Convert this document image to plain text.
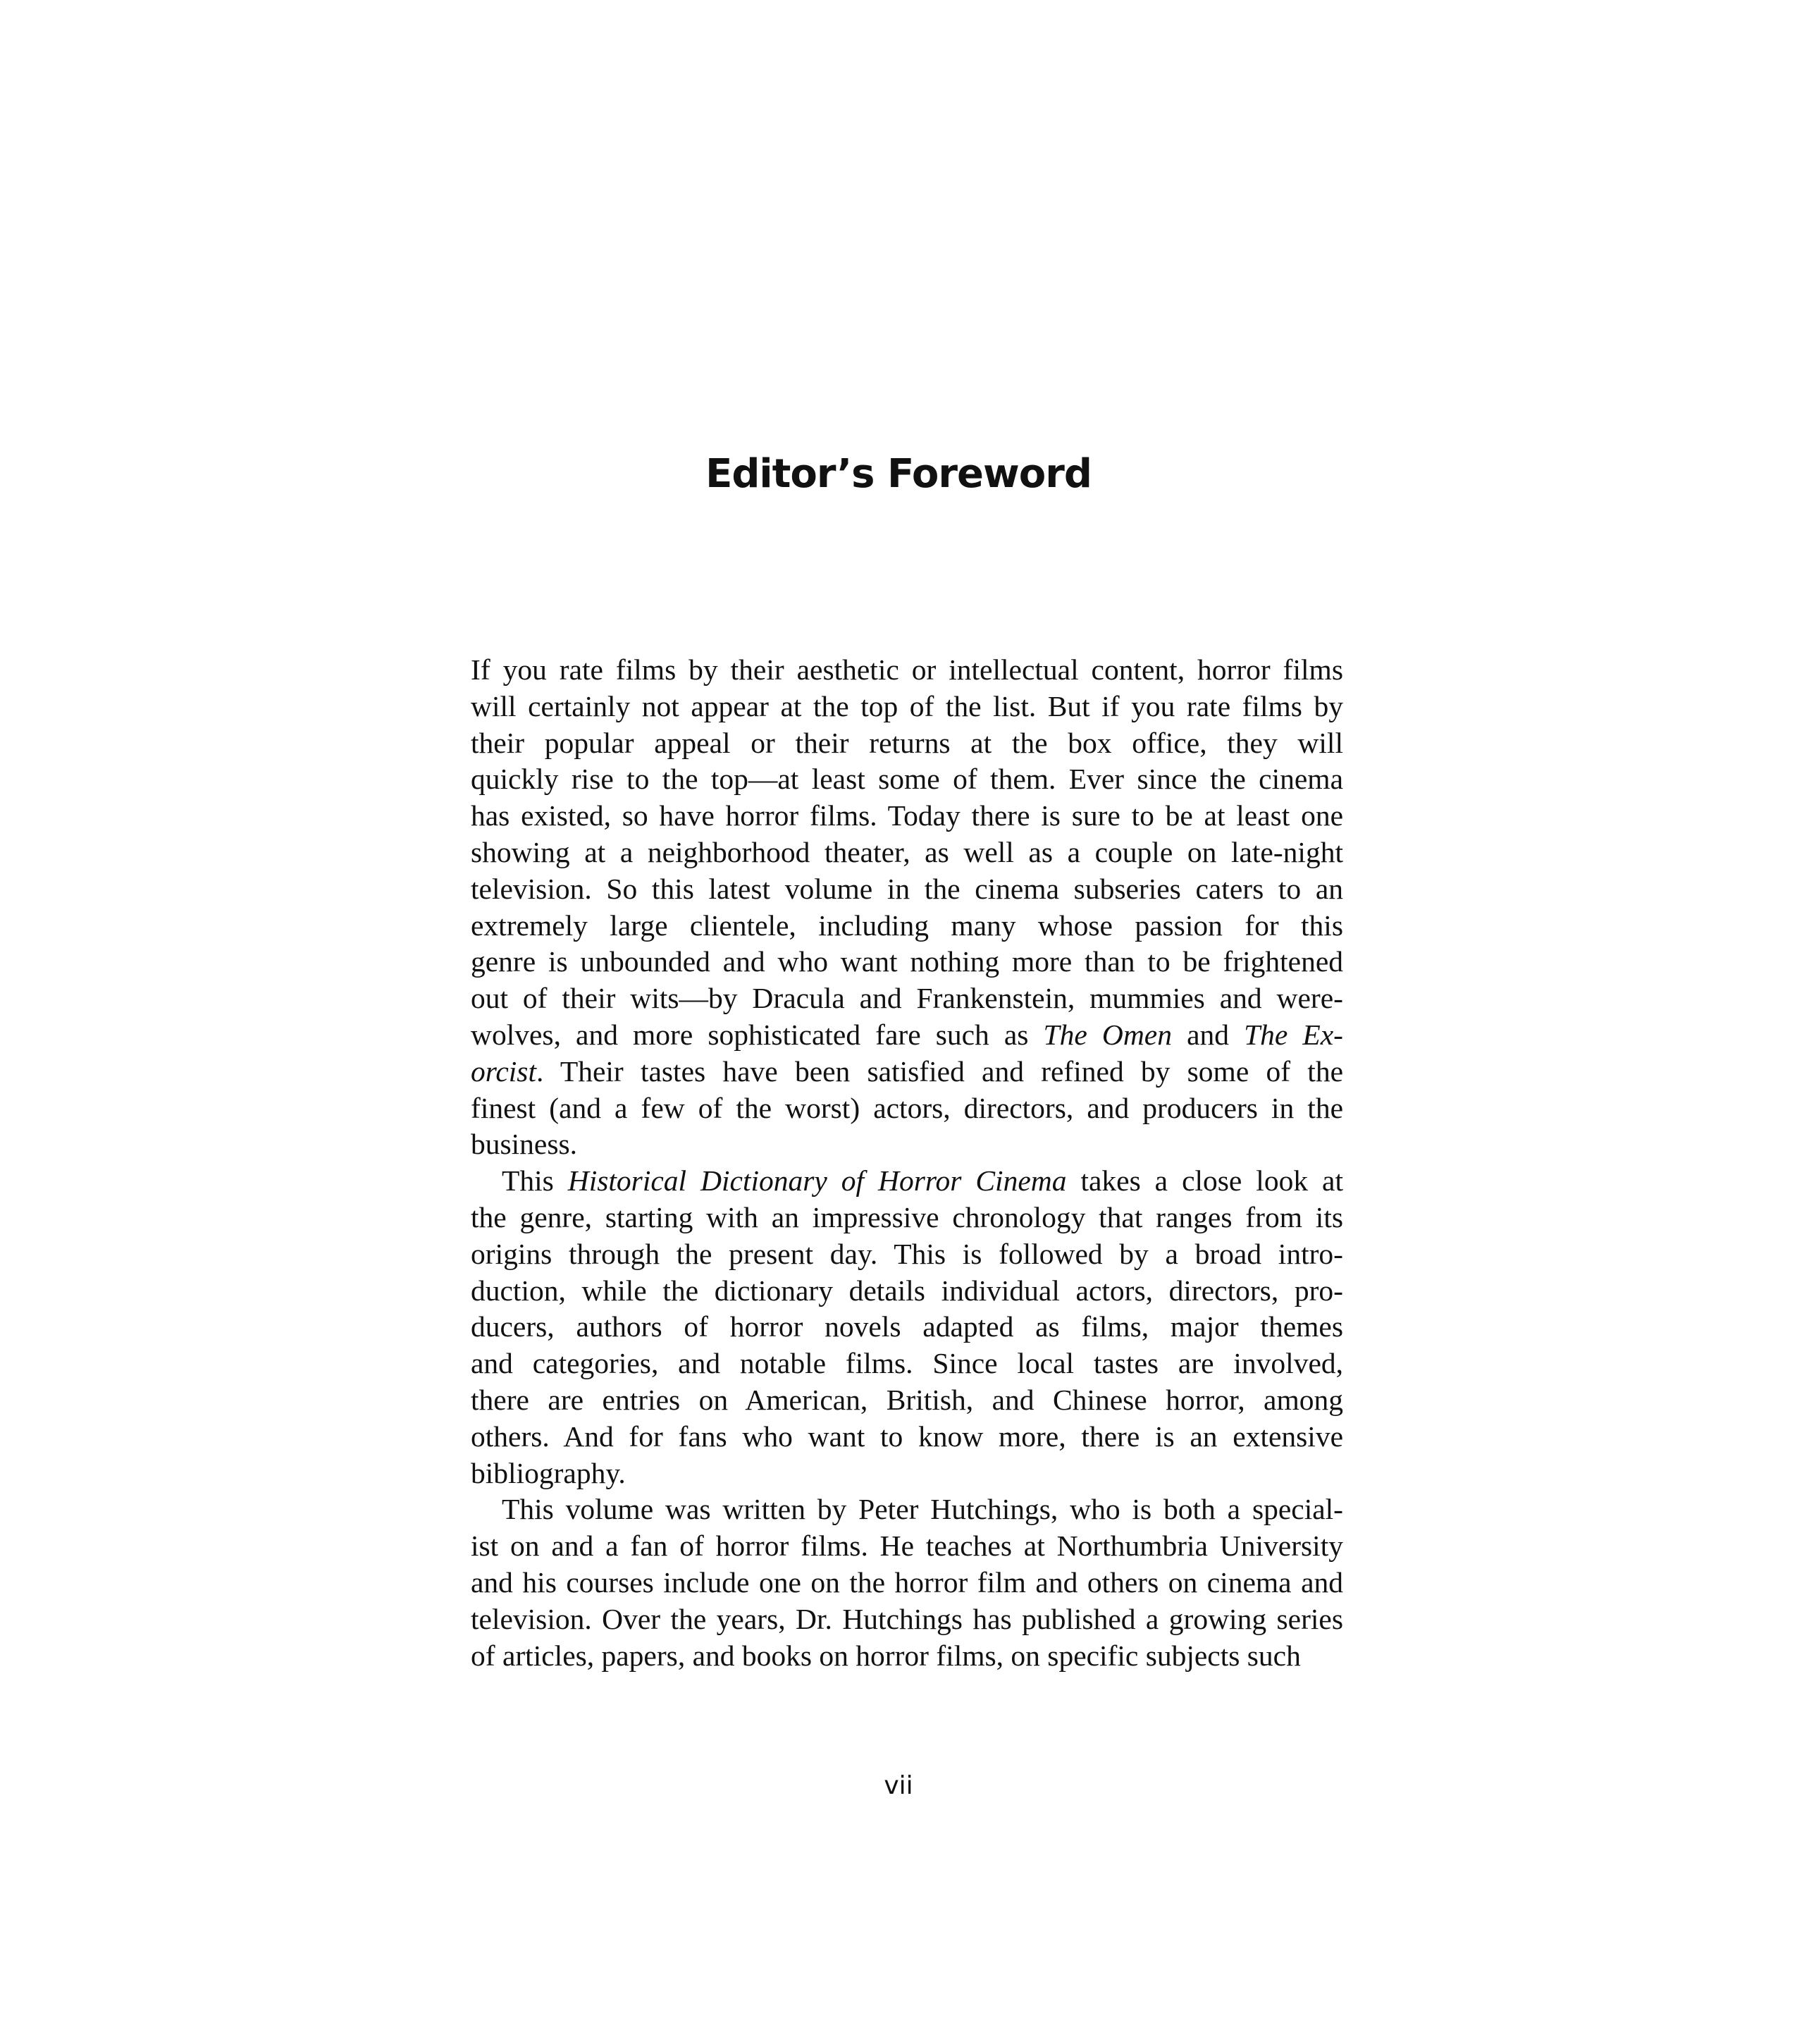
Editor’s Foreword
If you rate films by their aesthetic or intellectual content, horror films
will certainly not appear at the top of the list. But if you rate films by
their popular appeal or their returns at the box office, they will
quickly rise to the top—at least some of them. Ever since the cinema
has existed, so have horror films. Today there is sure to be at least one
showing at a neighborhood theater, as well as a couple on late-night
television. So this latest volume in the cinema subseries caters to an
extremely large clientele, including many whose passion for this
genre is unbounded and who want nothing more than to be frightened
out of their wits—by Dracula and Frankenstein, mummies and were-
wolves, and more sophisticated fare such as The Omen and The Ex-
orcist. Their tastes have been satisfied and refined by some of the
finest (and a few of the worst) actors, directors, and producers in the
business.
This Historical Dictionary of Horror Cinema takes a close look at
the genre, starting with an impressive chronology that ranges from its
origins through the present day. This is followed by a broad intro-
duction, while the dictionary details individual actors, directors, pro-
ducers, authors of horror novels adapted as films, major themes
and categories, and notable films. Since local tastes are involved,
there are entries on American, British, and Chinese horror, among
others. And for fans who want to know more, there is an extensive
bibliography.
This volume was written by Peter Hutchings, who is both a special-
ist on and a fan of horror films. He teaches at Northumbria University
and his courses include one on the horror film and others on cinema and
television. Over the years, Dr. Hutchings has published a growing series
of articles, papers, and books on horror films, on specific subjects such
vii
